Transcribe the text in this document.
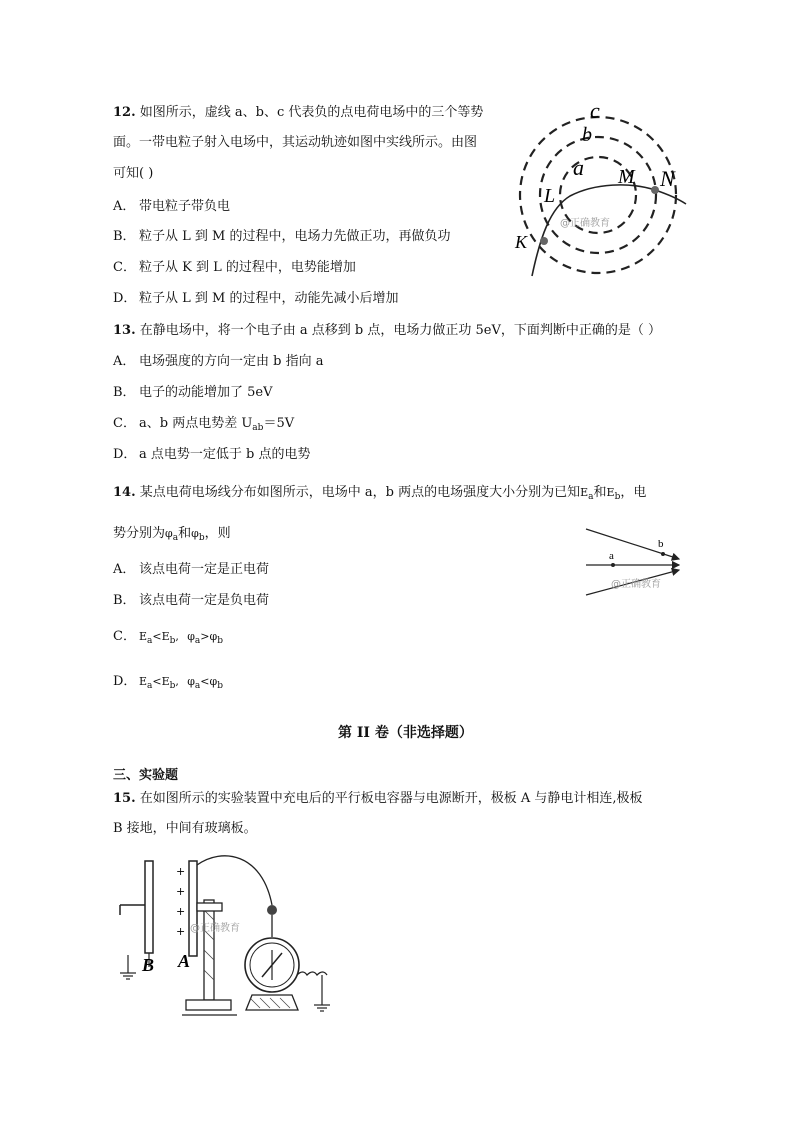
12. 如图所示，虚线 a、b、c 代表负的点电荷电场中的三个等势
面。一带电粒子射入电场中，其运动轨迹如图中实线所示。由图
可知( )
A． 带电粒子带负电
B． 粒子从 L 到 M 的过程中，电场力先做正功，再做负功
C． 粒子从 K 到 L 的过程中，电势能增加
D． 粒子从 L 到 M 的过程中，动能先减小后增加
c
b
a
L
M N
K
@正确教育
13. 在静电场中，将一个电子由 a 点移到 b 点，电场力做正功 5eV，下面判断中正确的是（ ）
A． 电场强度的方向一定由 b 指向 a
B． 电子的动能增加了 5eV
C． a、b 两点电势差 $U_{ab}=5V$
D． a 点电势一定低于 b 点的电势
14. 某点电荷电场线分布如图所示，电场中 a，b 两点的电场强度大小分别为已知$E_a$和$E_b$，电
势分别为$\varphi_a$和$\varphi_b$，则
A． 该点电荷一定是正电荷
B． 该点电荷一定是负电荷
C． $E_a<E_b$, $\varphi_a>\varphi_b$
D． $E_a<E_b$, $\varphi_a<\varphi_b$
a
b
@正确教育
第 II 卷（非选择题）
三、实验题
15. 在如图所示的实验装置中充电后的平行板电容器与电源断开，极板 A 与静电计相连,极板
B 接地，中间有玻璃板。
B
+
+
+
+
A
@正确教育
